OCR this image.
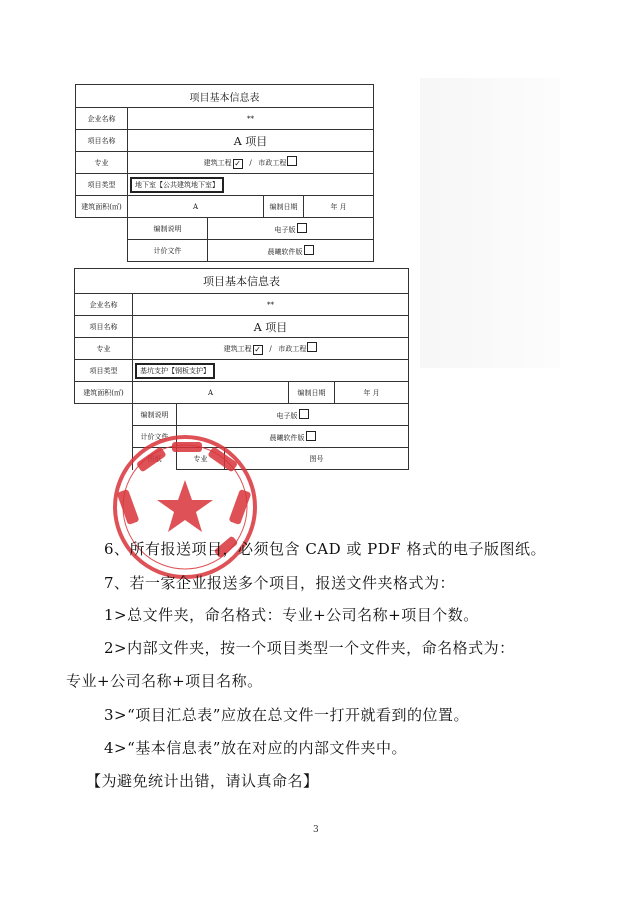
项目基本信息表				
企业名称	**			
项目名称	A 项目			
专业	建筑工程 ✓ / 市政工程			
项目类型	地下室【公共建筑地下室】			
建筑面积(㎡)	A		编制日期	年 月
	编制说明	电子版		
	计价文件	晨曦软件版		
项目基本信息表					
企业名称	**				
项目名称	A 项目				
专业	建筑工程 ✓ / 市政工程				
项目类型	基坑支护【钢板支护】				
建筑面积(㎡)	A			编制日期	年 月
	编制说明	电子版			
	计价文件	晨曦软件版			
		专业	图号		
6、所有报送项目，必须包含 CAD 或 PDF 格式的电子版图纸。
7、若一家企业报送多个项目，报送文件夹格式为：
1>总文件夹，命名格式：专业+公司名称+项目个数。
2>内部文件夹，按一个项目类型一个文件夹，命名格式为：
专业+公司名称+项目名称。
3>“项目汇总表”应放在总文件一打开就看到的位置。
4>“基本信息表”放在对应的内部文件夹中。
【为避免统计出错，请认真命名】
3
